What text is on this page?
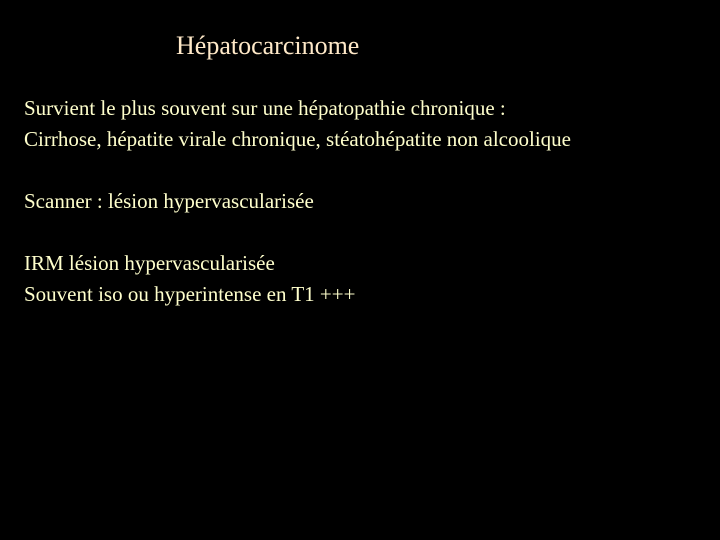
Hépatocarcinome
Survient le plus souvent sur une hépatopathie chronique :
Cirrhose, hépatite virale chronique, stéatohépatite non alcoolique
Scanner : lésion hypervascularisée
IRM lésion hypervascularisée
Souvent iso ou hyperintense en T1 +++
